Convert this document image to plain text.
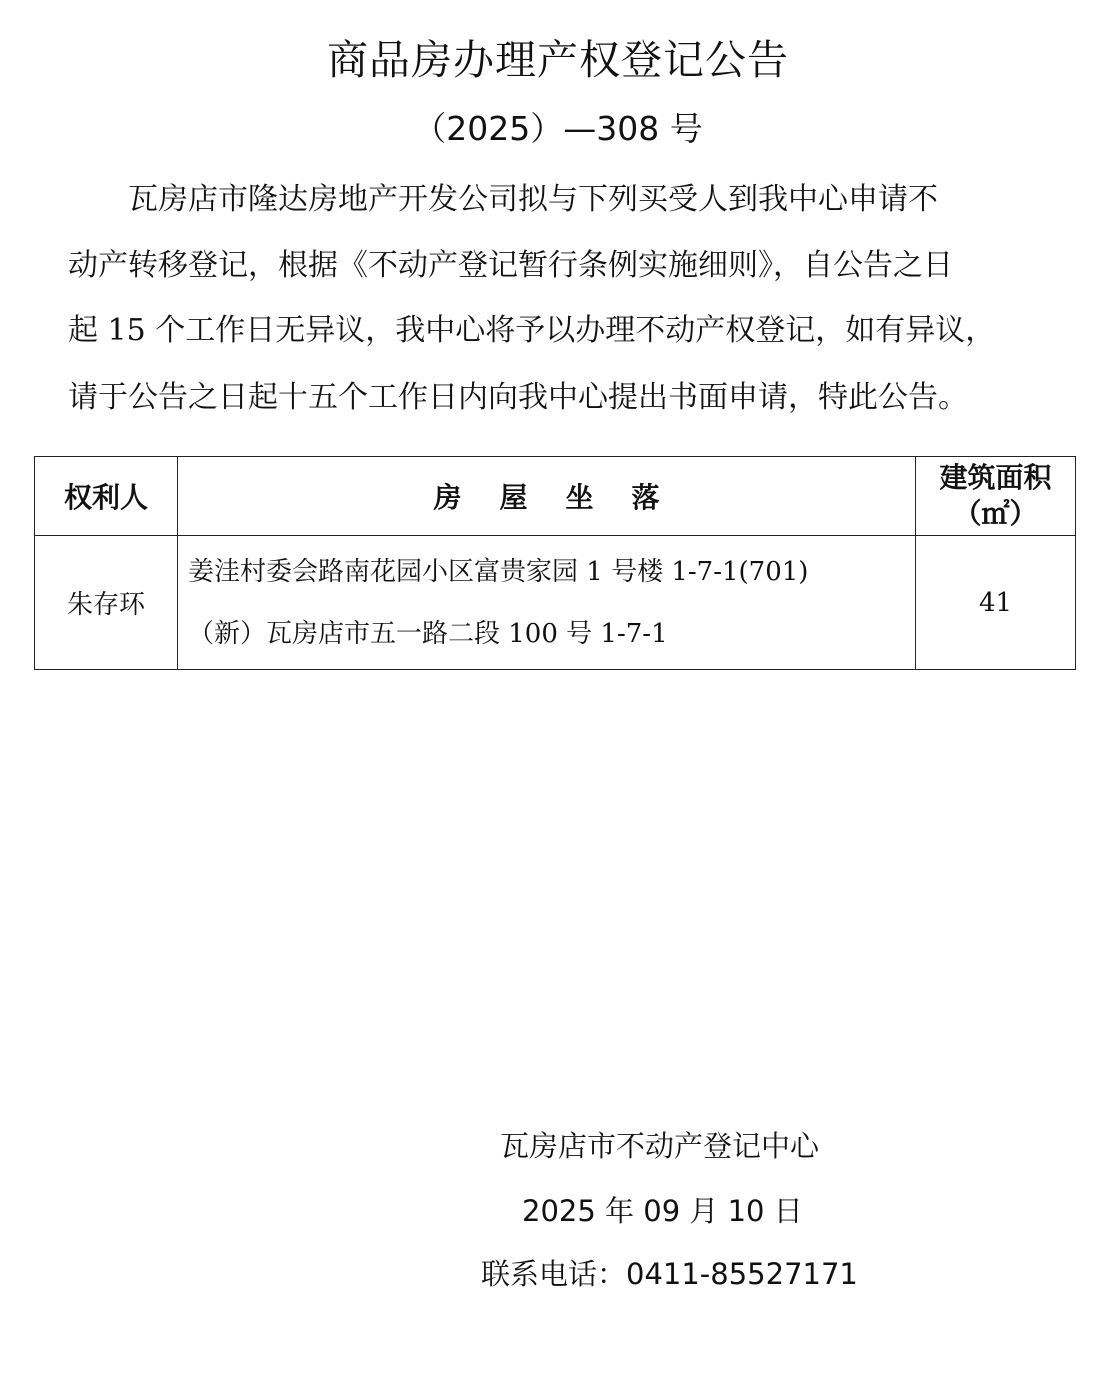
商品房办理产权登记公告
（2025）—308 号
　　瓦房店市隆达房地产开发公司拟与下列买受人到我中心申请不
动产转移登记，根据《不动产登记暂行条例实施细则》，自公告之日
起 15 个工作日无异议，我中心将予以办理不动产权登记，如有异议，
请于公告之日起十五个工作日内向我中心提出书面申请，特此公告。
权利人	房屋坐落	建筑面积
（㎡）

朱存环	姜洼村委会路南花园小区富贵家园 1 号楼 1-7-1(701)
（新）瓦房店市五一路二段 100 号 1-7-1	41
瓦房店市不动产登记中心
2025 年 09 月 10 日
联系电话：0411-85527171
